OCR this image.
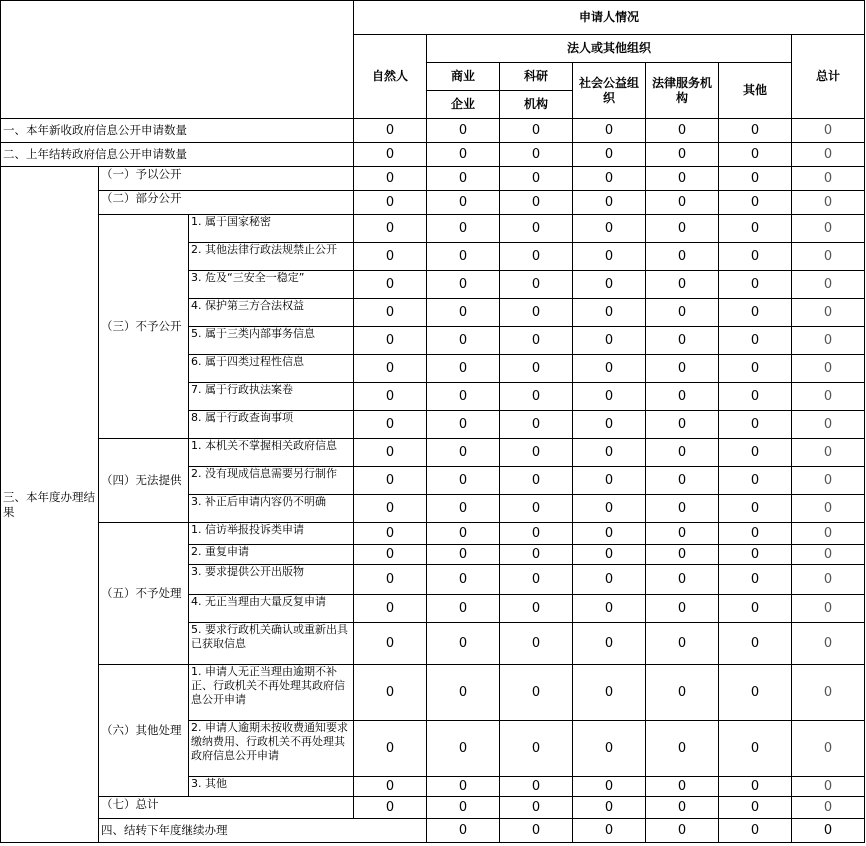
			申请人情况							
			自然人	法人或其他组织					总计	
				商业	科研	社会公益组织	法律服务机构	其他		
				企业	机构					
一、本年新收政府信息公开申请数量			0	0	0	0	0	0	0	
二、上年结转政府信息公开申请数量			0	0	0	0	0	0	0	
三、本年度办理结果	（一）予以公开		0	0	0	0	0	0	0	
	（二）部分公开		0	0	0	0	0	0	0	
	（三）不予公开	1. 属于国家秘密	0	0	0	0	0	0	0	
		2. 其他法律行政法规禁止公开	0	0	0	0	0	0	0	
		3. 危及“三安全一稳定”	0	0	0	0	0	0	0	
		4. 保护第三方合法权益	0	0	0	0	0	0	0	
		5. 属于三类内部事务信息	0	0	0	0	0	0	0	
		6. 属于四类过程性信息	0	0	0	0	0	0	0	
		7. 属于行政执法案卷	0	0	0	0	0	0	0	
		8. 属于行政查询事项	0	0	0	0	0	0	0	
	（四）无法提供	1. 本机关不掌握相关政府信息	0	0	0	0	0	0	0	
		2. 没有现成信息需要另行制作	0	0	0	0	0	0	0	
		3. 补正后申请内容仍不明确	0	0	0	0	0	0	0	
	（五）不予处理	1. 信访举报投诉类申请	0	0	0	0	0	0	0	
		2. 重复申请	0	0	0	0	0	0	0	
		3. 要求提供公开出版物	0	0	0	0	0	0	0	
		4. 无正当理由大量反复申请	0	0	0	0	0	0	0	
		5. 要求行政机关确认或重新出具已获取信息	0	0	0	0	0	0	0	
	（六）其他处理	1. 申请人无正当理由逾期不补正、行政机关不再处理其政府信息公开申请	0	0	0	0	0	0	0	
		2. 申请人逾期未按收费通知要求缴纳费用、行政机关不再处理其政府信息公开申请	0	0	0	0	0	0	0	
		3. 其他	0	0	0	0	0	0	0	
	（七）总计		0	0	0	0	0	0	0	
	四、结转下年度继续办理			0	0	0	0	0	0	
